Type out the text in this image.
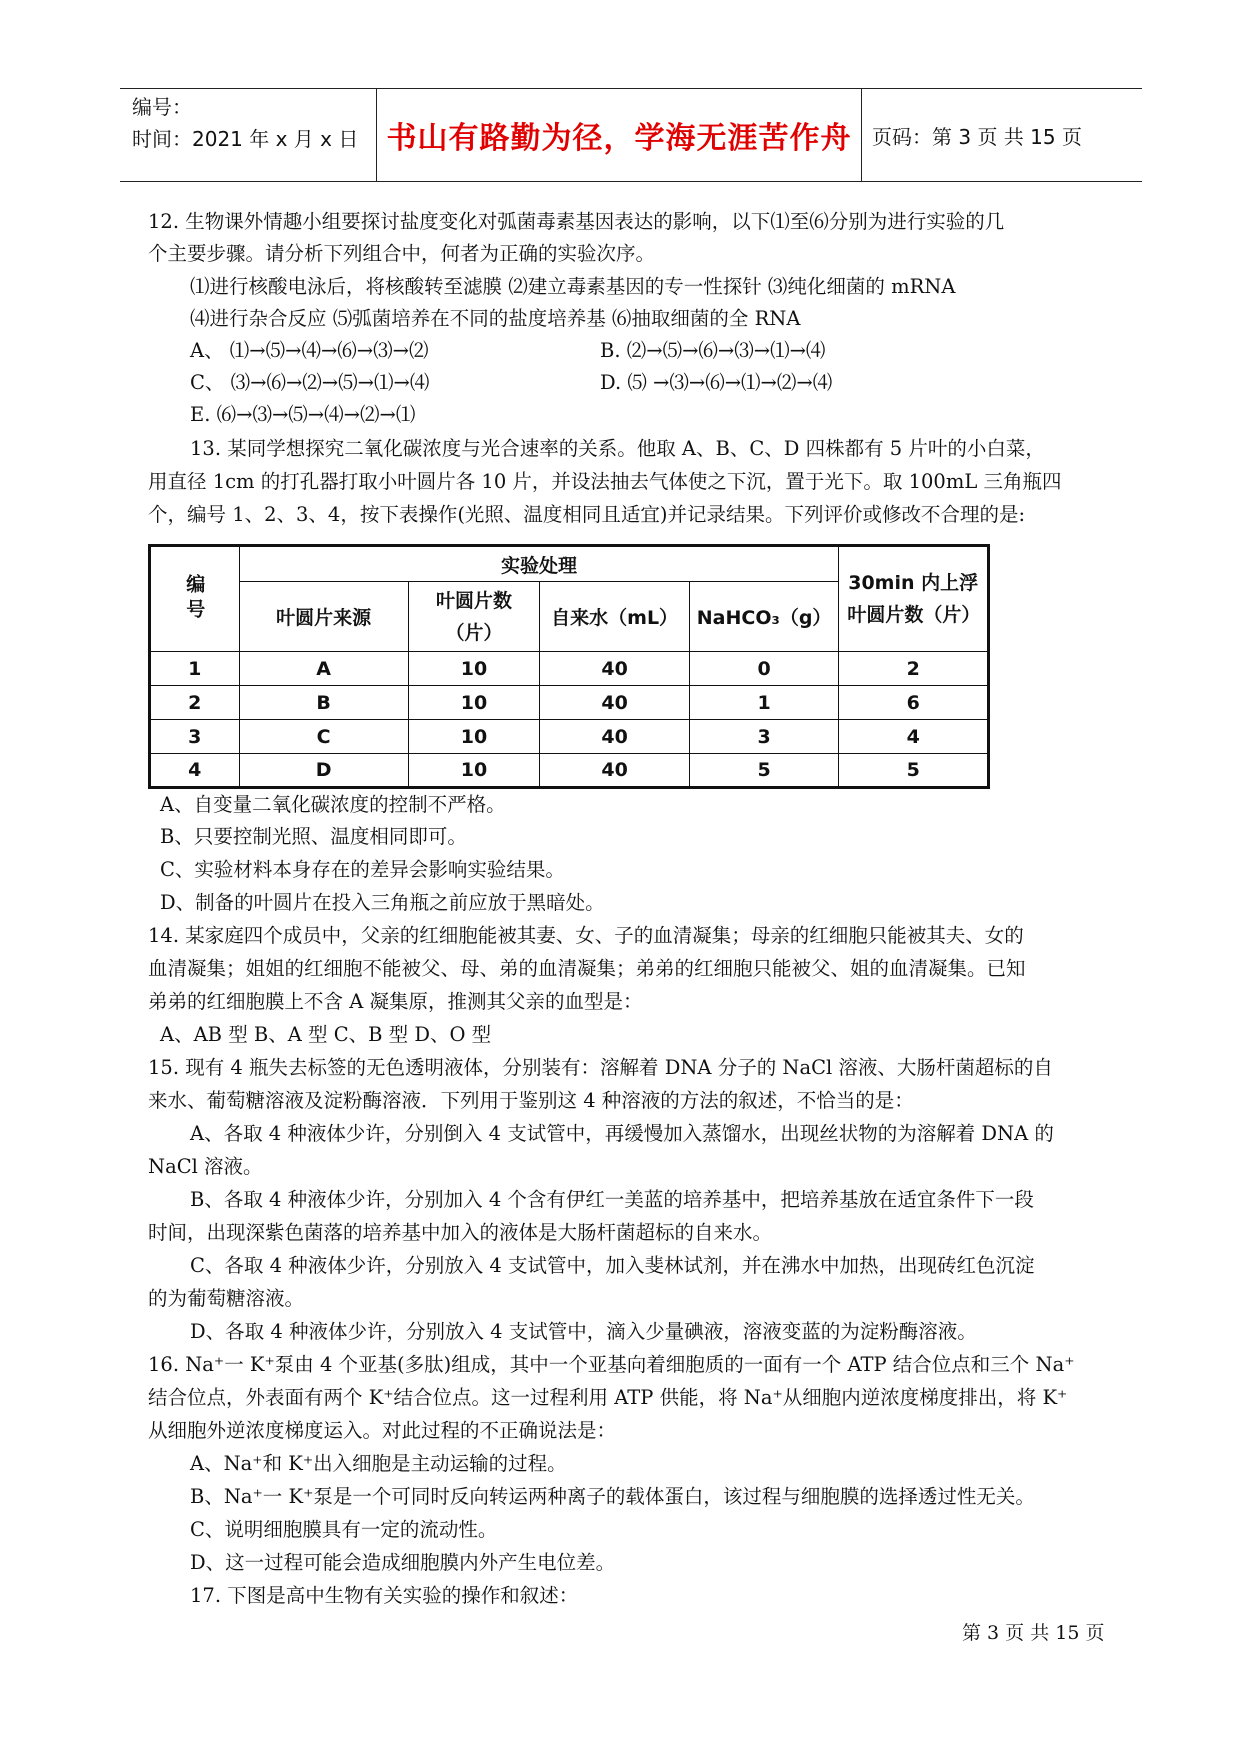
编号：
时间：2021 年 x 月 x 日 书山有路勤为径，学海无涯苦作舟	页码：第 3 页 共 15 页
12. 生物课外情趣小组要探讨盐度变化对弧菌毒素基因表达的影响，以下⑴至⑹分别为进行实验的几
个主要步骤。请分析下列组合中，何者为正确的实验次序。
⑴进行核酸电泳后，将核酸转至滤膜 ⑵建立毒素基因的专一性探针 ⑶纯化细菌的 mRNA
⑷进行杂合反应 ⑸弧菌培养在不同的盐度培养基 ⑹抽取细菌的全 RNA
A、 ⑴→⑸→⑷→⑹→⑶→⑵	B. ⑵→⑸→⑹→⑶→⑴→⑷
C、 ⑶→⑹→⑵→⑸→⑴→⑷	D. ⑸ →⑶→⑹→⑴→⑵→⑷
E. ⑹→⑶→⑸→⑷→⑵→⑴
13. 某同学想探究二氧化碳浓度与光合速率的关系。他取 A、B、C、D 四株都有 5 片叶的小白菜，
用直径 1cm 的打孔器打取小叶圆片各 10 片，并设法抽去气体使之下沉，置于光下。取 100mL 三角瓶四
个，编号 1、2、3、4，按下表操作(光照、温度相同且适宜)并记录结果。下列评价或修改不合理的是:
编号	实验处理				30min 内上浮叶圆片数（片）
	叶圆片来源	叶圆片数（片）	自来水（mL）	NaHCO₃（g）	
1	A	10	40	0	2
2	B	10	40	1	6
3	C	10	40	3	4
4	D	10	40	5	5
A、自变量二氧化碳浓度的控制不严格。
B、只要控制光照、温度相同即可。
C、实验材料本身存在的差异会影响实验结果。
D、制备的叶圆片在投入三角瓶之前应放于黑暗处。
14. 某家庭四个成员中，父亲的红细胞能被其妻、女、子的血清凝集；母亲的红细胞只能被其夫、女的
血清凝集；姐姐的红细胞不能被父、母、弟的血清凝集；弟弟的红细胞只能被父、姐的血清凝集。已知
弟弟的红细胞膜上不含 A 凝集原，推测其父亲的血型是：
A、AB 型 B、A 型 C、B 型 D、O 型
15. 现有 4 瓶失去标签的无色透明液体，分别装有：溶解着 DNA 分子的 NaCl 溶液、大肠杆菌超标的自
来水、葡萄糖溶液及淀粉酶溶液．下列用于鉴别这 4 种溶液的方法的叙述，不恰当的是：
A、各取 4 种液体少许，分别倒入 4 支试管中，再缓慢加入蒸馏水，出现丝状物的为溶解着 DNA 的
NaCl 溶液。
B、各取 4 种液体少许，分别加入 4 个含有伊红一美蓝的培养基中，把培养基放在适宜条件下一段
时间，出现深紫色菌落的培养基中加入的液体是大肠杆菌超标的自来水。
C、各取 4 种液体少许，分别放入 4 支试管中，加入斐林试剂，并在沸水中加热，出现砖红色沉淀
的为葡萄糖溶液。
D、各取 4 种液体少许，分别放入 4 支试管中，滴入少量碘液，溶液变蓝的为淀粉酶溶液。
16. Na⁺一 K⁺泵由 4 个亚基(多肽)组成，其中一个亚基向着细胞质的一面有一个 ATP 结合位点和三个 Na⁺
结合位点，外表面有两个 K⁺结合位点。这一过程利用 ATP 供能，将 Na⁺从细胞内逆浓度梯度排出，将 K⁺
从细胞外逆浓度梯度运入。对此过程的不正确说法是：
A、Na⁺和 K⁺出入细胞是主动运输的过程。
B、Na⁺一 K⁺泵是一个可同时反向转运两种离子的载体蛋白，该过程与细胞膜的选择透过性无关。
C、说明细胞膜具有一定的流动性。
D、这一过程可能会造成细胞膜内外产生电位差。
17. 下图是高中生物有关实验的操作和叙述：
第 3 页 共 15 页
